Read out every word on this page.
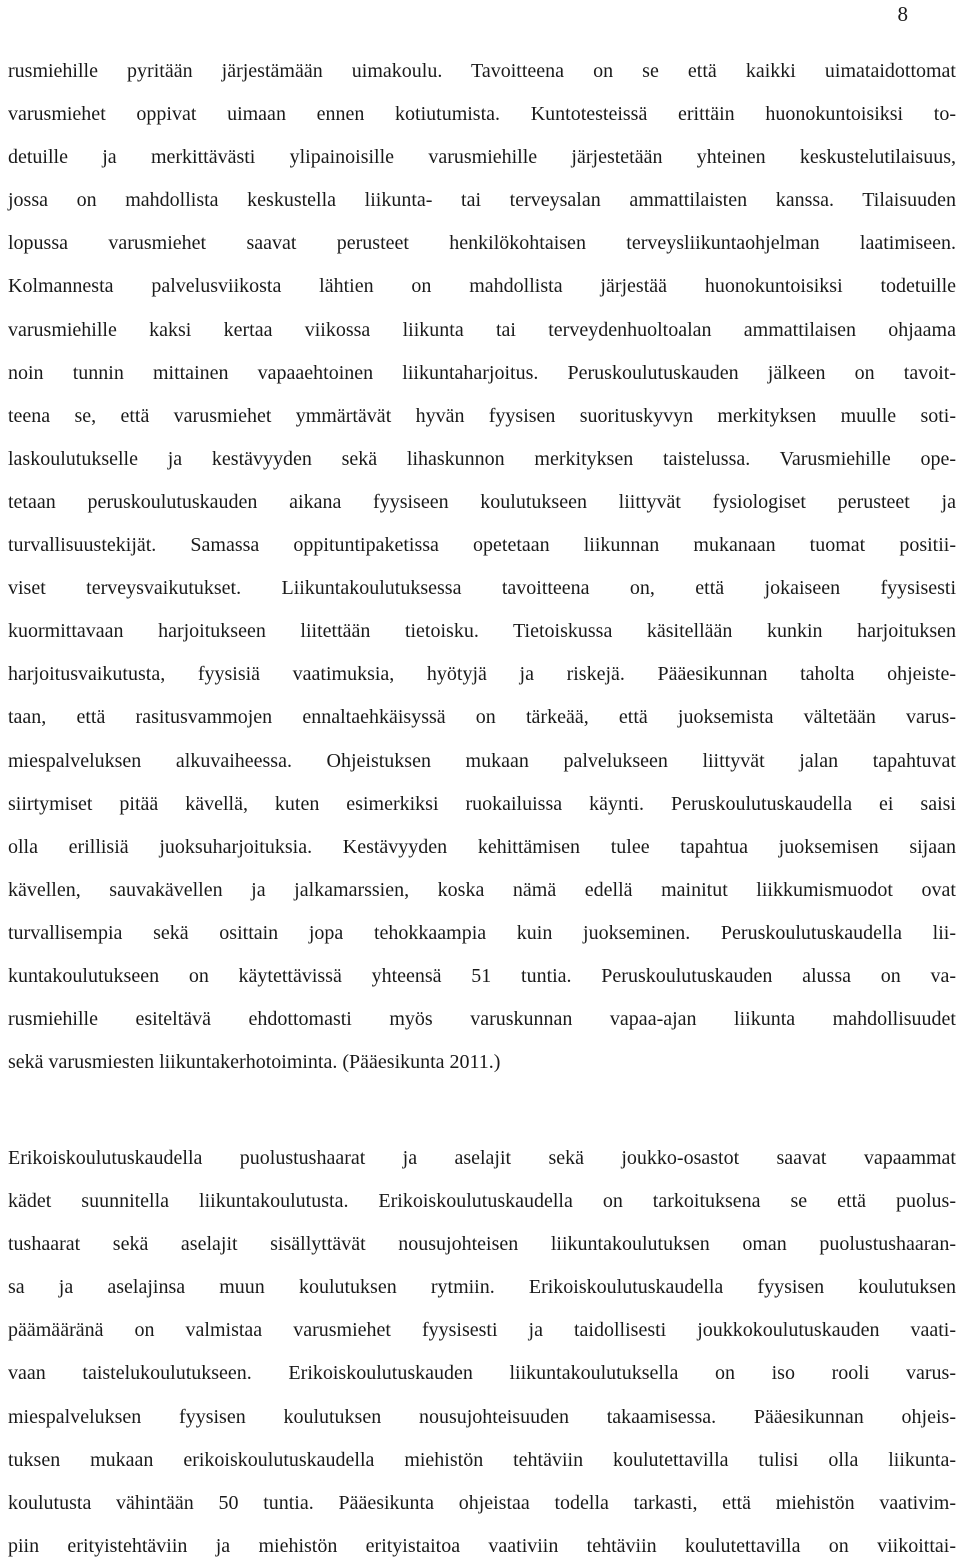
8
rusmiehille pyritään järjestämään uimakoulu. Tavoitteena on se että kaikki uimataidottomat
varusmiehet oppivat uimaan ennen kotiutumista. Kuntotesteissä erittäin huonokuntoisiksi to-
detuille ja merkittävästi ylipainoisille varusmiehille järjestetään yhteinen keskustelutilaisuus,
jossa on mahdollista keskustella liikunta- tai terveysalan ammattilaisten kanssa. Tilaisuuden
lopussa varusmiehet saavat perusteet henkilökohtaisen terveysliikuntaohjelman laatimiseen.
Kolmannesta palvelusviikosta lähtien on mahdollista järjestää huonokuntoisiksi todetuille
varusmiehille kaksi kertaa viikossa liikunta tai terveydenhuoltoalan ammattilaisen ohjaama
noin tunnin mittainen vapaaehtoinen liikuntaharjoitus. Peruskoulutuskauden jälkeen on tavoit-
teena se, että varusmiehet ymmärtävät hyvän fyysisen suorituskyvyn merkityksen muulle soti-
laskoulutukselle ja kestävyyden sekä lihaskunnon merkityksen taistelussa. Varusmiehille ope-
tetaan peruskoulutuskauden aikana fyysiseen koulutukseen liittyvät fysiologiset perusteet ja
turvallisuustekijät. Samassa oppituntipaketissa opetetaan liikunnan mukanaan tuomat positii-
viset terveysvaikutukset. Liikuntakoulutuksessa tavoitteena on, että jokaiseen fyysisesti
kuormittavaan harjoitukseen liitettään tietoisku. Tietoiskussa käsitellään kunkin harjoituksen
harjoitusvaikutusta, fyysisiä vaatimuksia, hyötyjä ja riskejä. Pääesikunnan taholta ohjeiste-
taan, että rasitusvammojen ennaltaehkäisyssä on tärkeää, että juoksemista vältetään varus-
miespalveluksen alkuvaiheessa. Ohjeistuksen mukaan palvelukseen liittyvät jalan tapahtuvat
siirtymiset pitää kävellä, kuten esimerkiksi ruokailuissa käynti. Peruskoulutuskaudella ei saisi
olla erillisiä juoksuharjoituksia. Kestävyyden kehittämisen tulee tapahtua juoksemisen sijaan
kävellen, sauvakävellen ja jalkamarssien, koska nämä edellä mainitut liikkumismuodot ovat
turvallisempia sekä osittain jopa tehokkaampia kuin juokseminen. Peruskoulutuskaudella lii-
kuntakoulutukseen on käytettävissä yhteensä 51 tuntia. Peruskoulutuskauden alussa on va-
rusmiehille esiteltävä ehdottomasti myös varuskunnan vapaa-ajan liikunta mahdollisuudet
sekä varusmiesten liikuntakerhotoiminta. (Pääesikunta 2011.)
Erikoiskoulutuskaudella puolustushaarat ja aselajit sekä joukko-osastot saavat vapaammat
kädet suunnitella liikuntakoulutusta. Erikoiskoulutuskaudella on tarkoituksena se että puolus-
tushaarat sekä aselajit sisällyttävät nousujohteisen liikuntakoulutuksen oman puolustushaaran-
sa ja aselajinsa muun koulutuksen rytmiin. Erikoiskoulutuskaudella fyysisen koulutuksen
päämääränä on valmistaa varusmiehet fyysisesti ja taidollisesti joukkokoulutuskauden vaati-
vaan taistelukoulutukseen. Erikoiskoulutuskauden liikuntakoulutuksella on iso rooli varus-
miespalveluksen fyysisen koulutuksen nousujohteisuuden takaamisessa. Pääesikunnan ohjeis-
tuksen mukaan erikoiskoulutuskaudella miehistön tehtäviin koulutettavilla tulisi olla liikunta-
koulutusta vähintään 50 tuntia. Pääesikunta ohjeistaa todella tarkasti, että miehistön vaativim-
piin erityistehtäviin ja miehistön erityistaitoa vaativiin tehtäviin koulutettavilla on viikoittai-
